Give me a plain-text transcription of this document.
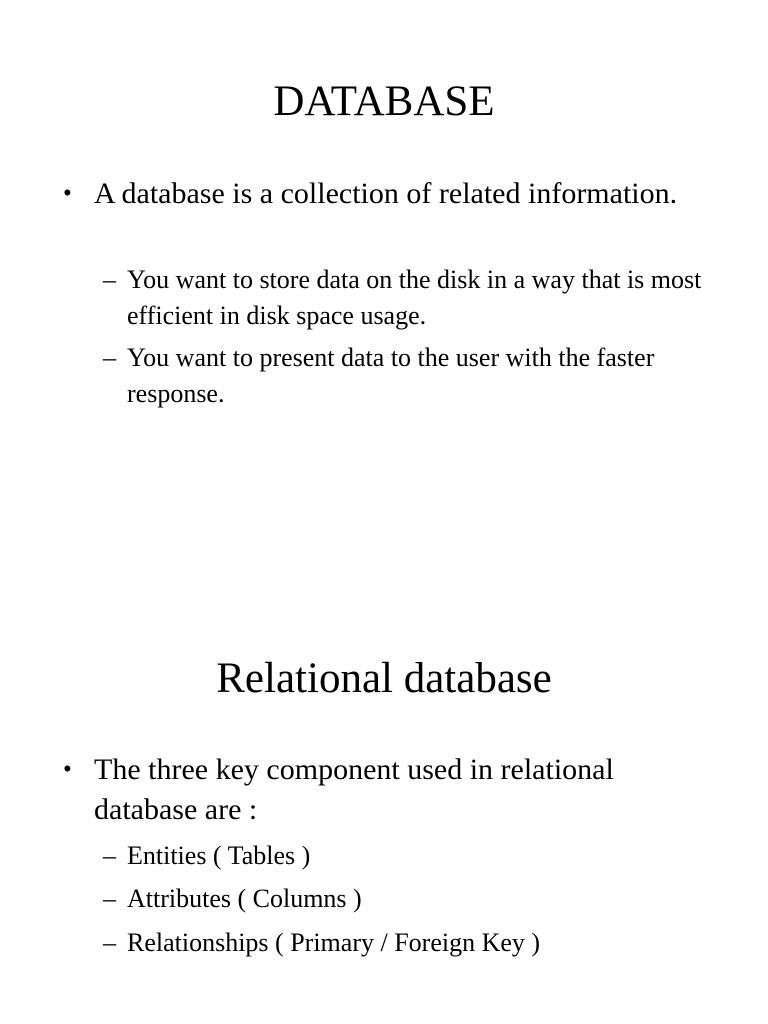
DATABASE
• A database is a collection of related information.
– You want to store data on the disk in a way that is most efficient in disk space usage.
– You want to present data to the user with the faster response.
Relational database
• The three key component used in relational database are :
– Entities ( Tables )
– Attributes ( Columns )
– Relationships ( Primary / Foreign Key )
